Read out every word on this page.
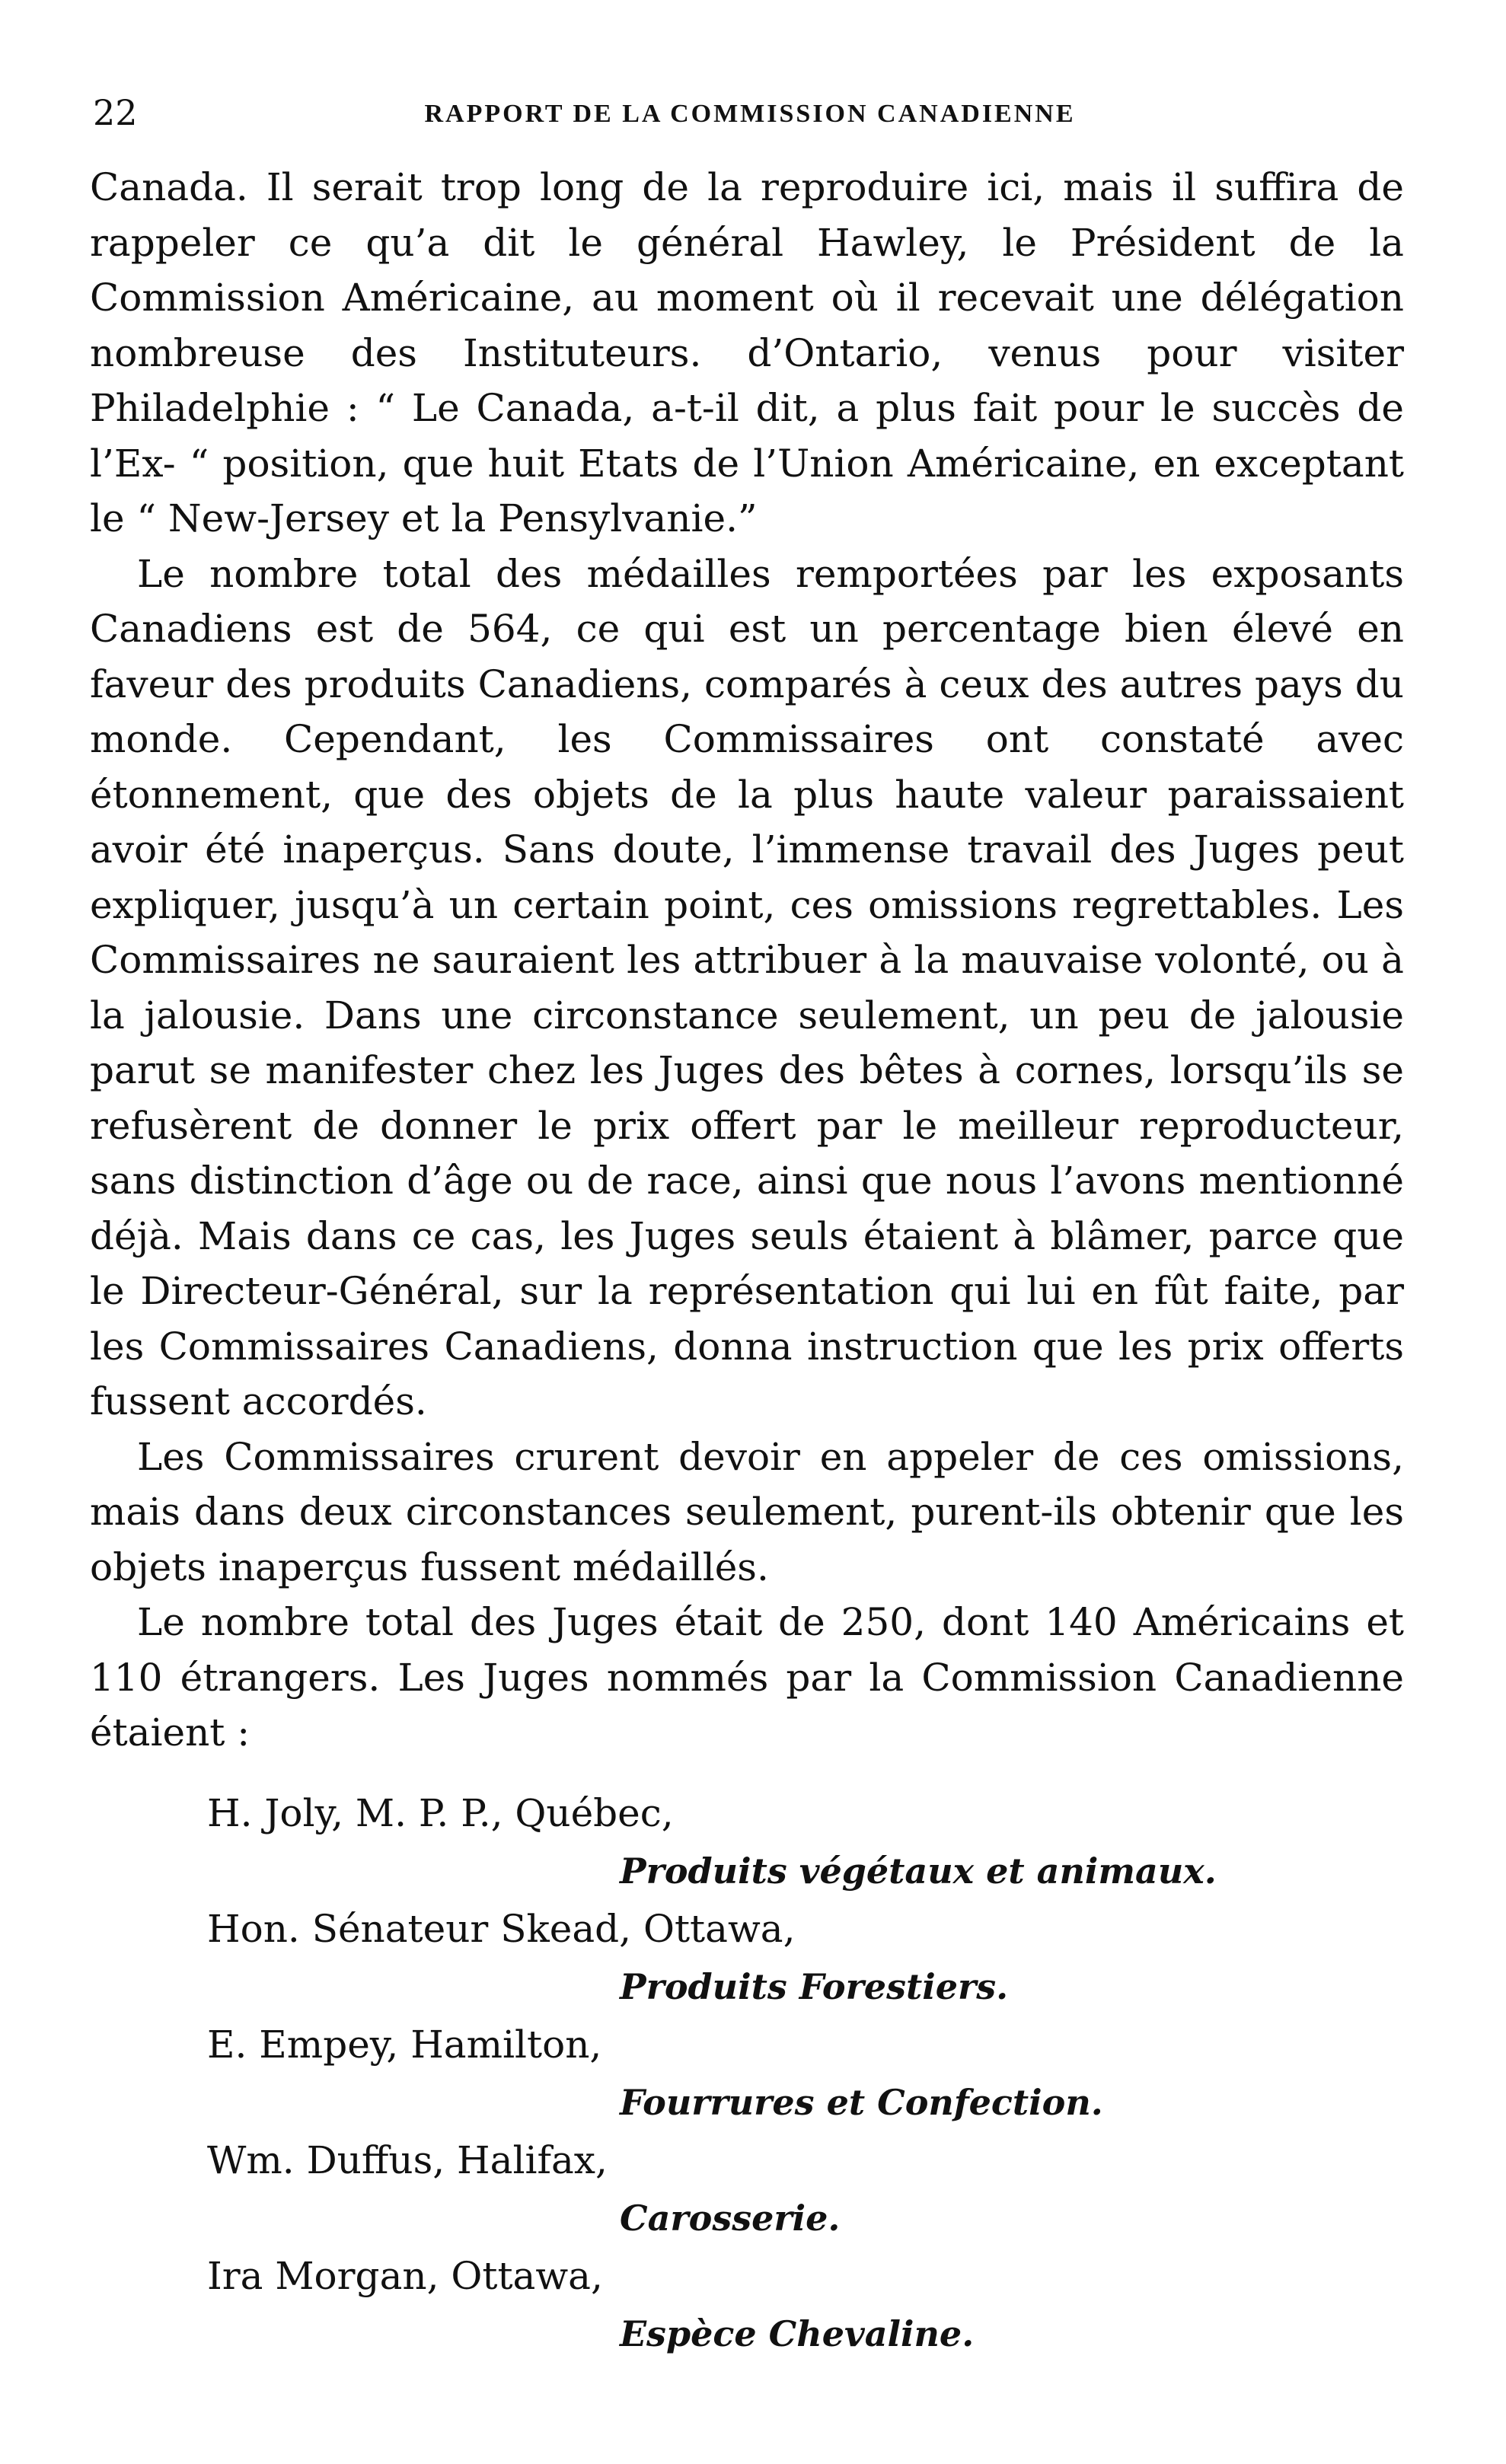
22	RAPPORT DE LA COMMISSION CANADIENNE

Canada. Il serait trop long de la reproduire ici, mais il suffira de rappeler ce qu’a dit le général Hawley, le Président de la Commission Américaine, au moment où il recevait une délégation nombreuse des Instituteurs. d’Ontario, venus pour visiter Philadelphie : “ Le Canada, a-t-il dit, a plus fait pour le succès de l’Ex- “ position, que huit Etats de l’Union Américaine, en exceptant le “ New-Jersey et la Pensylvanie.”

Le nombre total des médailles remportées par les exposants Canadiens est de 564, ce qui est un percentage bien élevé en faveur des produits Canadiens, comparés à ceux des autres pays du monde. Cependant, les Commissaires ont constaté avec étonnement, que des objets de la plus haute valeur paraissaient avoir été inaperçus. Sans doute, l’immense travail des Juges peut expliquer, jusqu’à un certain point, ces omissions regrettables. Les Commissaires ne sauraient les attribuer à la mauvaise volonté, ou à la jalousie. Dans une circonstance seulement, un peu de jalousie parut se manifester chez les Juges des bêtes à cornes, lorsqu’ils se refusèrent de donner le prix offert par le meilleur reproducteur, sans distinction d’âge ou de race, ainsi que nous l’avons mentionné déjà. Mais dans ce cas, les Juges seuls étaient à blâmer, parce que le Directeur-Général, sur la représentation qui lui en fût faite, par les Commissaires Canadiens, donna instruction que les prix offerts fussent accordés.

Les Commissaires crurent devoir en appeler de ces omissions, mais dans deux circonstances seulement, purent-ils obtenir que les objets inaperçus fussent médaillés.

Le nombre total des Juges était de 250, dont 140 Américains et 110 étrangers. Les Juges nommés par la Commission Canadienne étaient :

H. Joly, M. P. P., Québec,
Produits végétaux et animaux.
Hon. Sénateur Skead, Ottawa,
Produits Forestiers.
E. Empey, Hamilton,
Fourrures et Confection.
Wm. Duffus, Halifax,
Carosserie.
Ira Morgan, Ottawa,
Espèce Chevaline.
